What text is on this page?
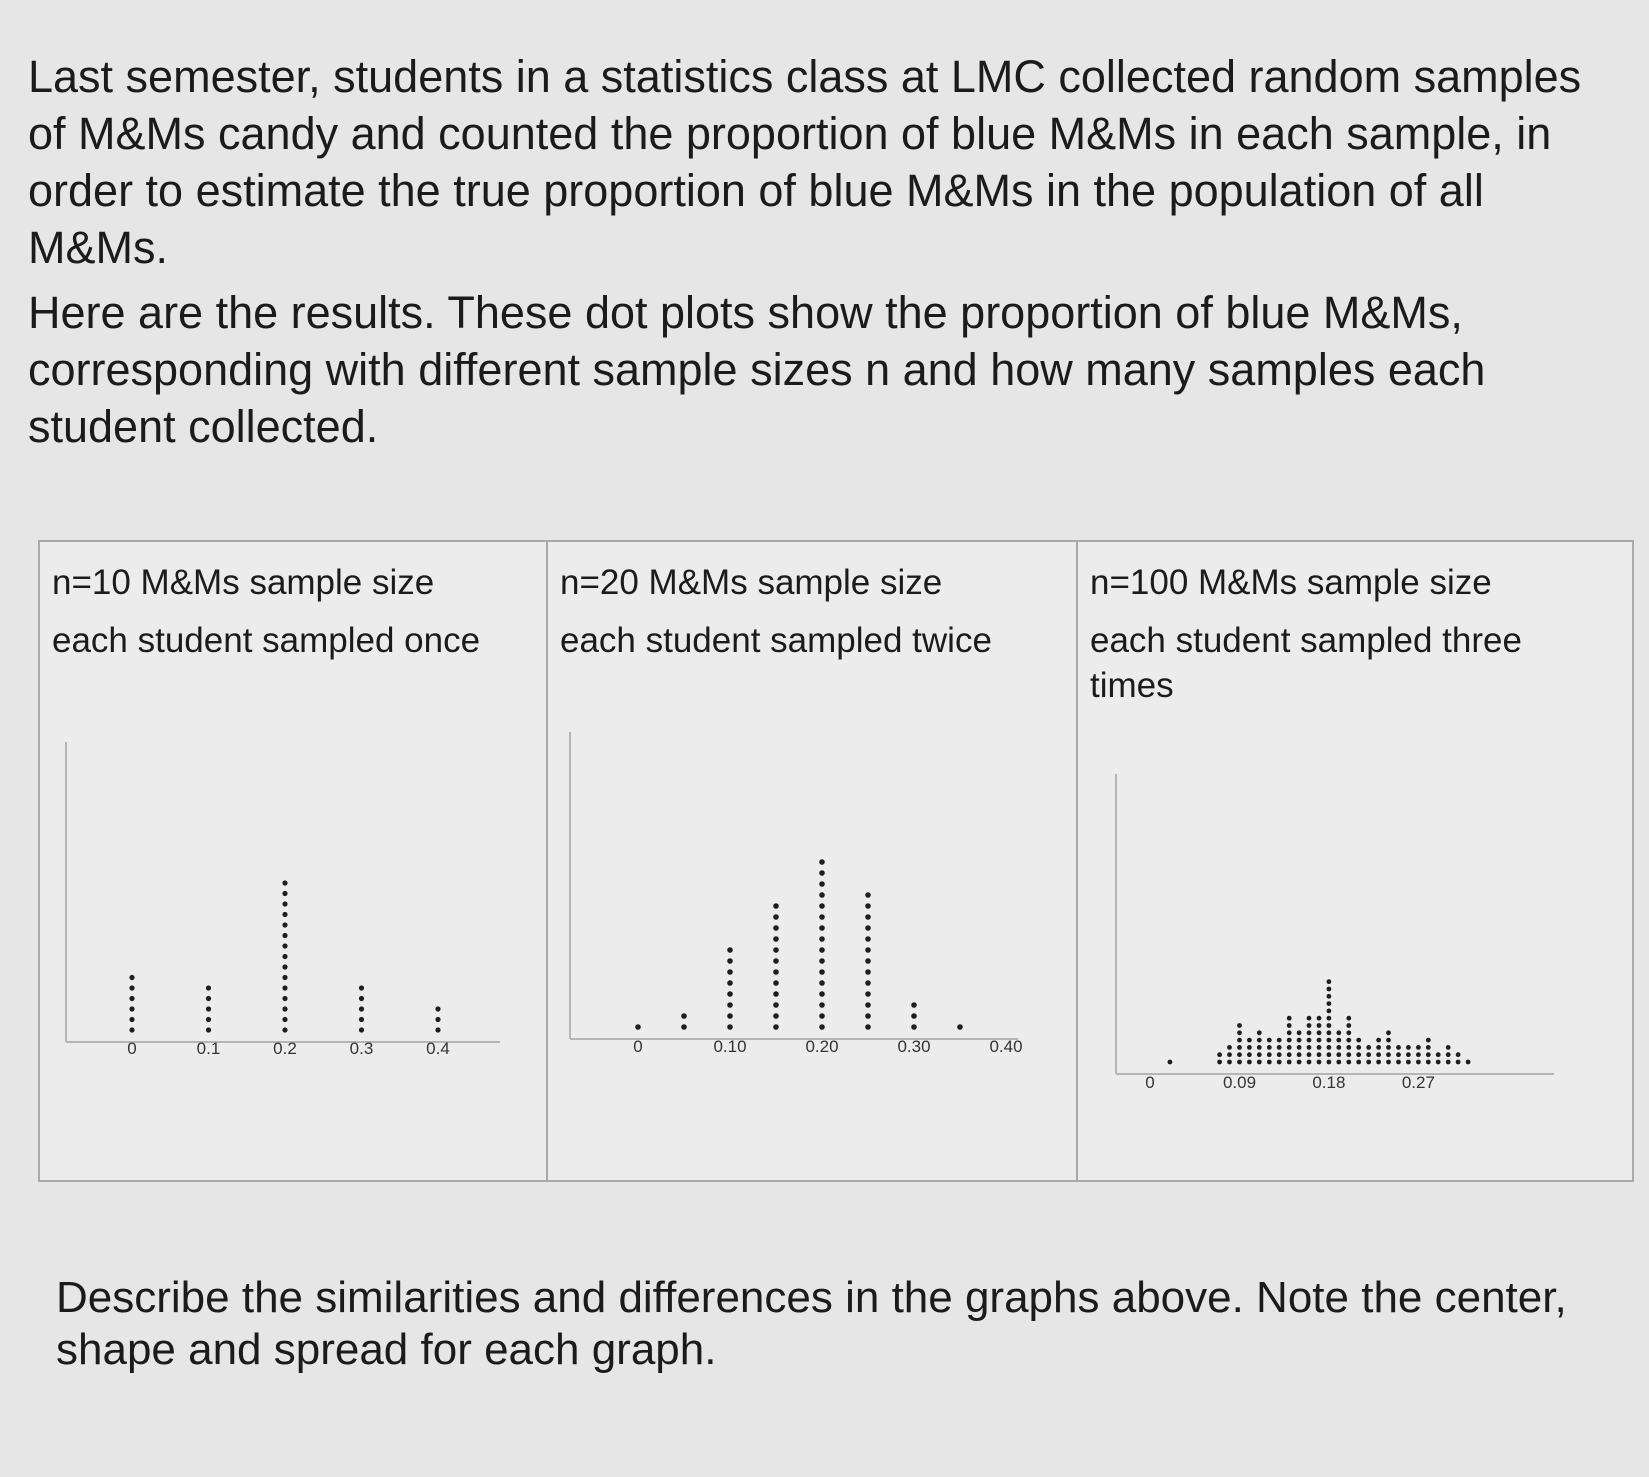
Last semester, students in a statistics class at LMC collected random samples of M&Ms candy and counted the proportion of blue M&Ms in each sample, in order to estimate the true proportion of blue M&Ms in the population of all M&Ms.

Here are the results. These dot plots show the proportion of blue M&Ms, corresponding with different sample sizes n and how many samples each student collected.

n=10 M&Ms sample size

each student sampled once

0	0.1	0.2	0.3	0.4
n=20 M&Ms sample size

each student sampled twice

0	0.10	0.20	0.30	0.40
n=100 M&Ms sample size

each student sampled three times

0	0.09	0.18	0.27

Describe the similarities and differences in the graphs above. Note the center, shape and spread for each graph.
